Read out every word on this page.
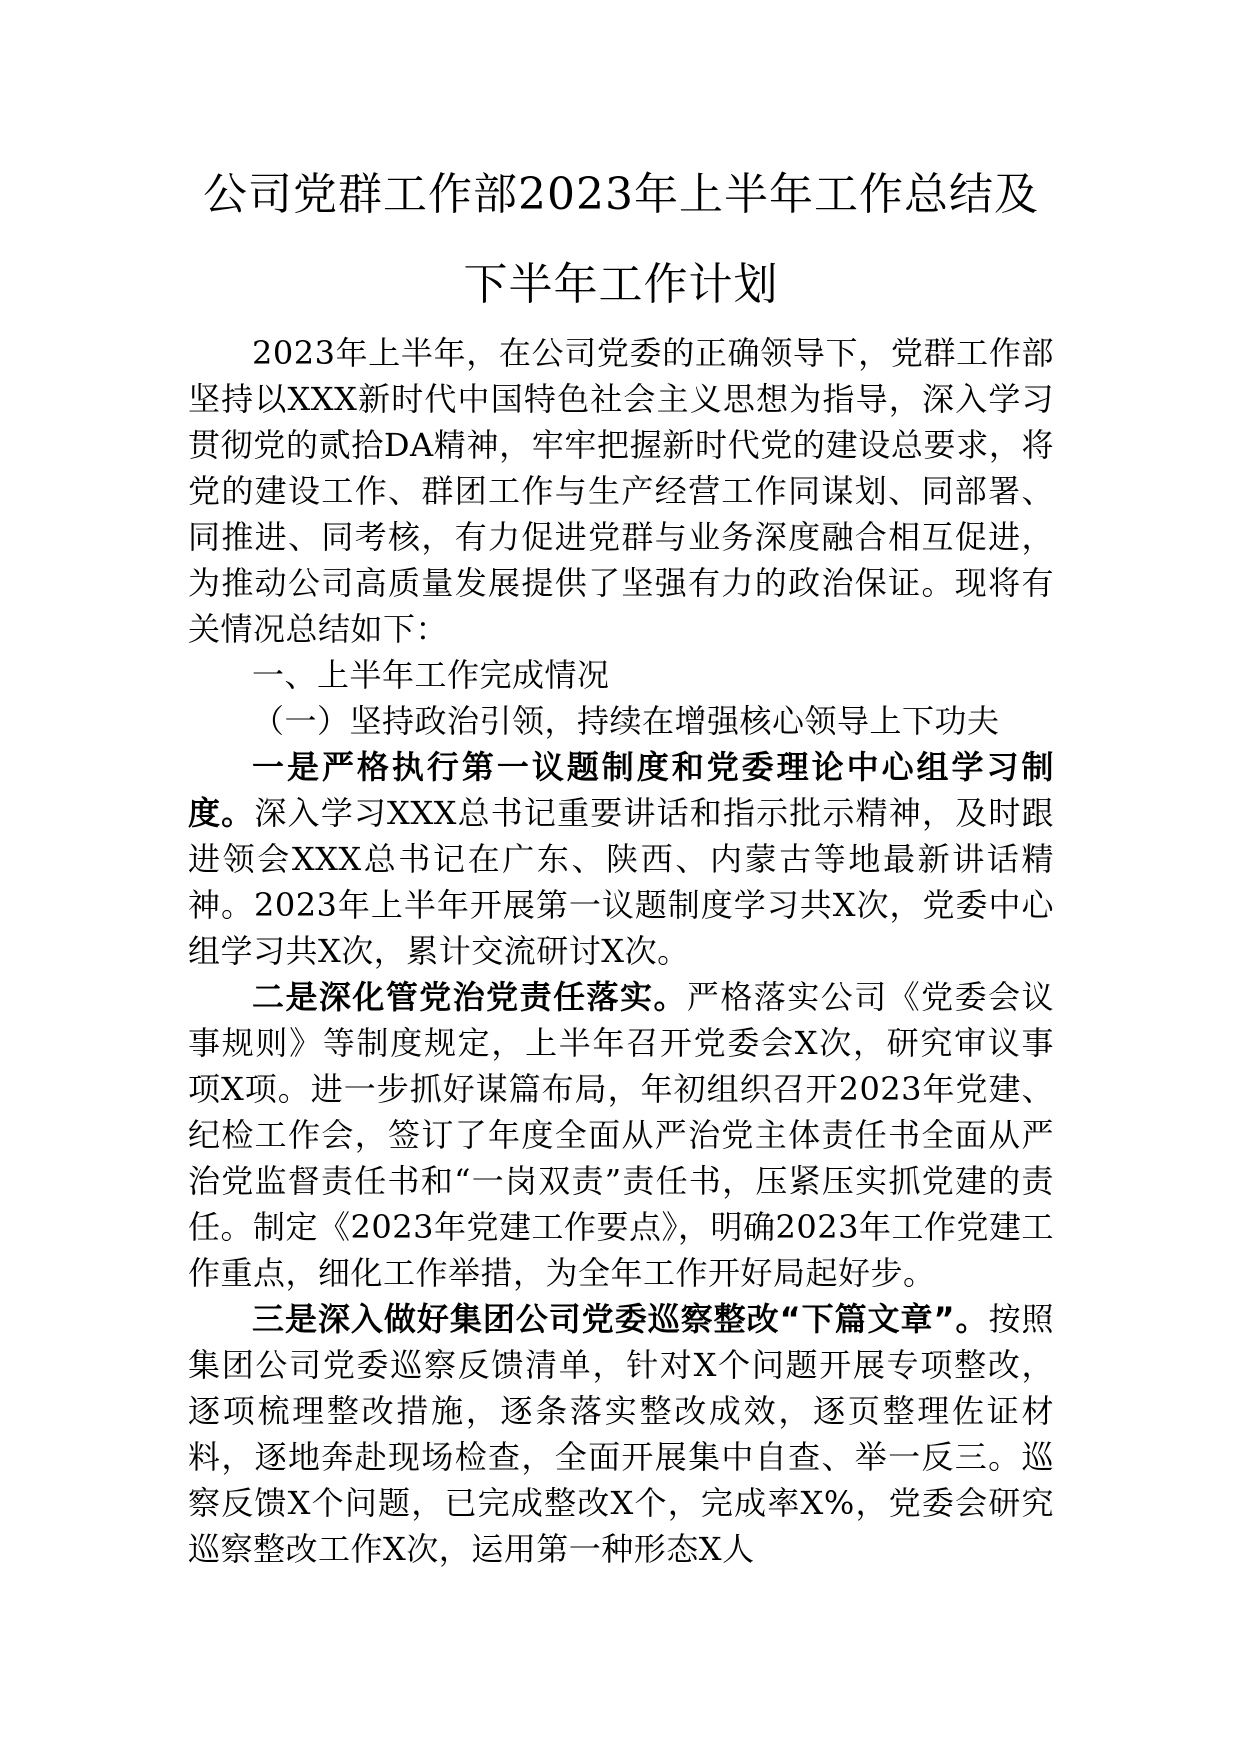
公司党群工作部2023年上半年工作总结及
下半年工作计划

2023年上半年，在公司党委的正确领导下，党群工作部坚持以XXX新时代中国特色社会主义思想为指导，深入学习贯彻党的贰拾DA精神，牢牢把握新时代党的建设总要求，将党的建设工作、群团工作与生产经营工作同谋划、同部署、同推进、同考核，有力促进党群与业务深度融合相互促进，为推动公司高质量发展提供了坚强有力的政治保证。现将有关情况总结如下：

一、上半年工作完成情况

（一）坚持政治引领，持续在增强核心领导上下功夫

一是严格执行第一议题制度和党委理论中心组学习制度。深入学习XXX总书记重要讲话和指示批示精神，及时跟进领会XXX总书记在广东、陕西、内蒙古等地最新讲话精神。2023年上半年开展第一议题制度学习共X次，党委中心组学习共X次，累计交流研讨X次。

二是深化管党治党责任落实。严格落实公司《党委会议事规则》等制度规定，上半年召开党委会X次，研究审议事项X项。进一步抓好谋篇布局，年初组织召开2023年党建、纪检工作会，签订了年度全面从严治党主体责任书全面从严治党监督责任书和“一岗双责”责任书，压紧压实抓党建的责任。制定《2023年党建工作要点》，明确2023年工作党建工作重点，细化工作举措，为全年工作开好局起好步。

三是深入做好集团公司党委巡察整改“下篇文章”。按照集团公司党委巡察反馈清单，针对X个问题开展专项整改，逐项梳理整改措施，逐条落实整改成效，逐页整理佐证材料，逐地奔赴现场检查，全面开展集中自查、举一反三。巡察反馈X个问题，已完成整改X个，完成率X%，党委会研究巡察整改工作X次，运用第一种形态X人
